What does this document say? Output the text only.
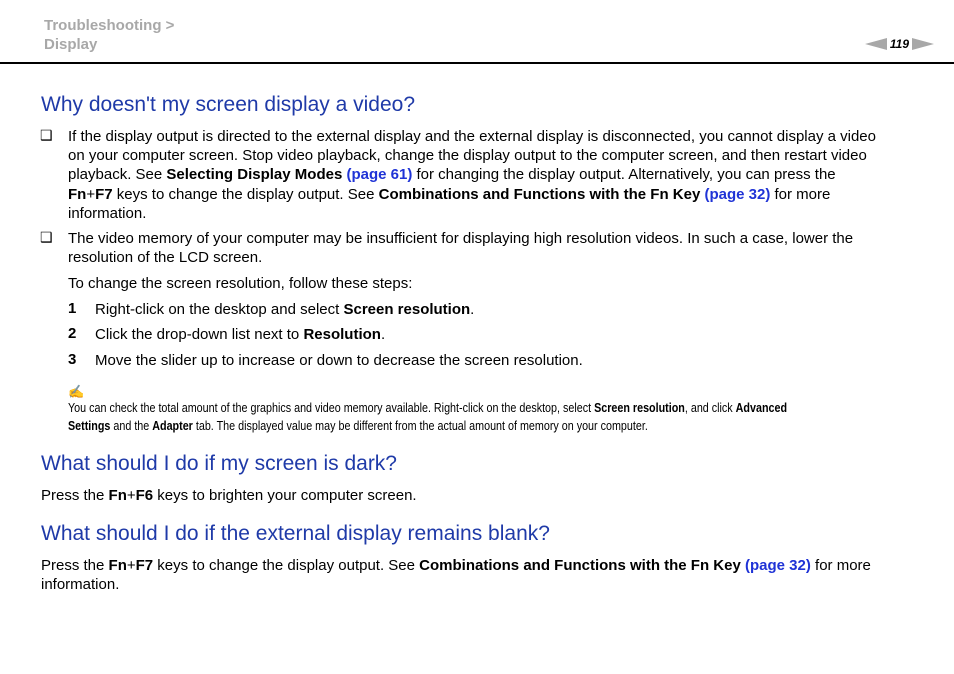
Troubleshooting >
Display	119
Why doesn't my screen display a video?
❑ If the display output is directed to the external display and the external display is disconnected, you cannot display a video
on your computer screen. Stop video playback, change the display output to the computer screen, and then restart video
playback. See Selecting Display Modes (page 61) for changing the display output. Alternatively, you can press the
Fn+F7 keys to change the display output. See Combinations and Functions with the Fn Key (page 32) for more
information.
❑ The video memory of your computer may be insufficient for displaying high resolution videos. In such a case, lower the
resolution of the LCD screen.
To change the screen resolution, follow these steps:
1 Right-click on the desktop and select Screen resolution.
2 Click the drop-down list next to Resolution.
3 Move the slider up to increase or down to decrease the screen resolution.
✍
You can check the total amount of the graphics and video memory available. Right-click on the desktop, select Screen resolution, and click Advanced
Settings and the Adapter tab. The displayed value may be different from the actual amount of memory on your computer.
What should I do if my screen is dark?
Press the Fn+F6 keys to brighten your computer screen.
What should I do if the external display remains blank?
Press the Fn+F7 keys to change the display output. See Combinations and Functions with the Fn Key (page 32) for more
information.
